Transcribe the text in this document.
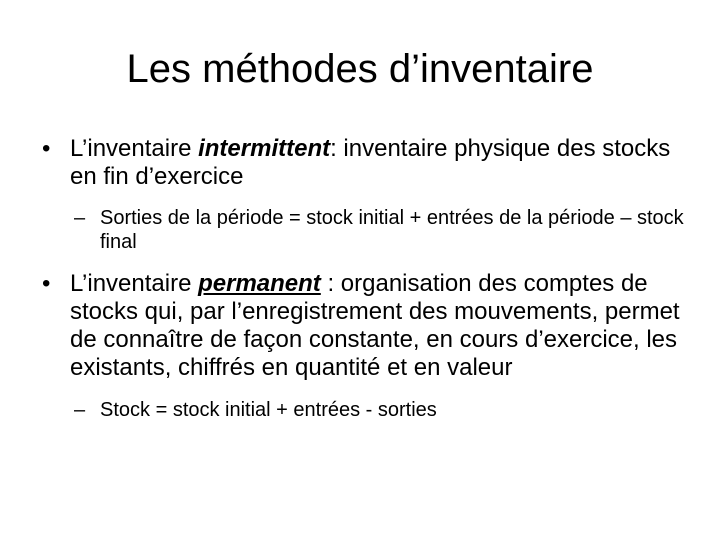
Les méthodes d’inventaire
• L’inventaire intermittent: inventaire physique des stocks en fin d’exercice
– Sorties de la période = stock initial + entrées de la période – stock final
• L’inventaire permanent : organisation des comptes de stocks qui, par l’enregistrement des mouvements, permet de connaître de façon constante, en cours d’exercice, les existants, chiffrés en quantité et en valeur
– Stock = stock initial + entrées - sorties
